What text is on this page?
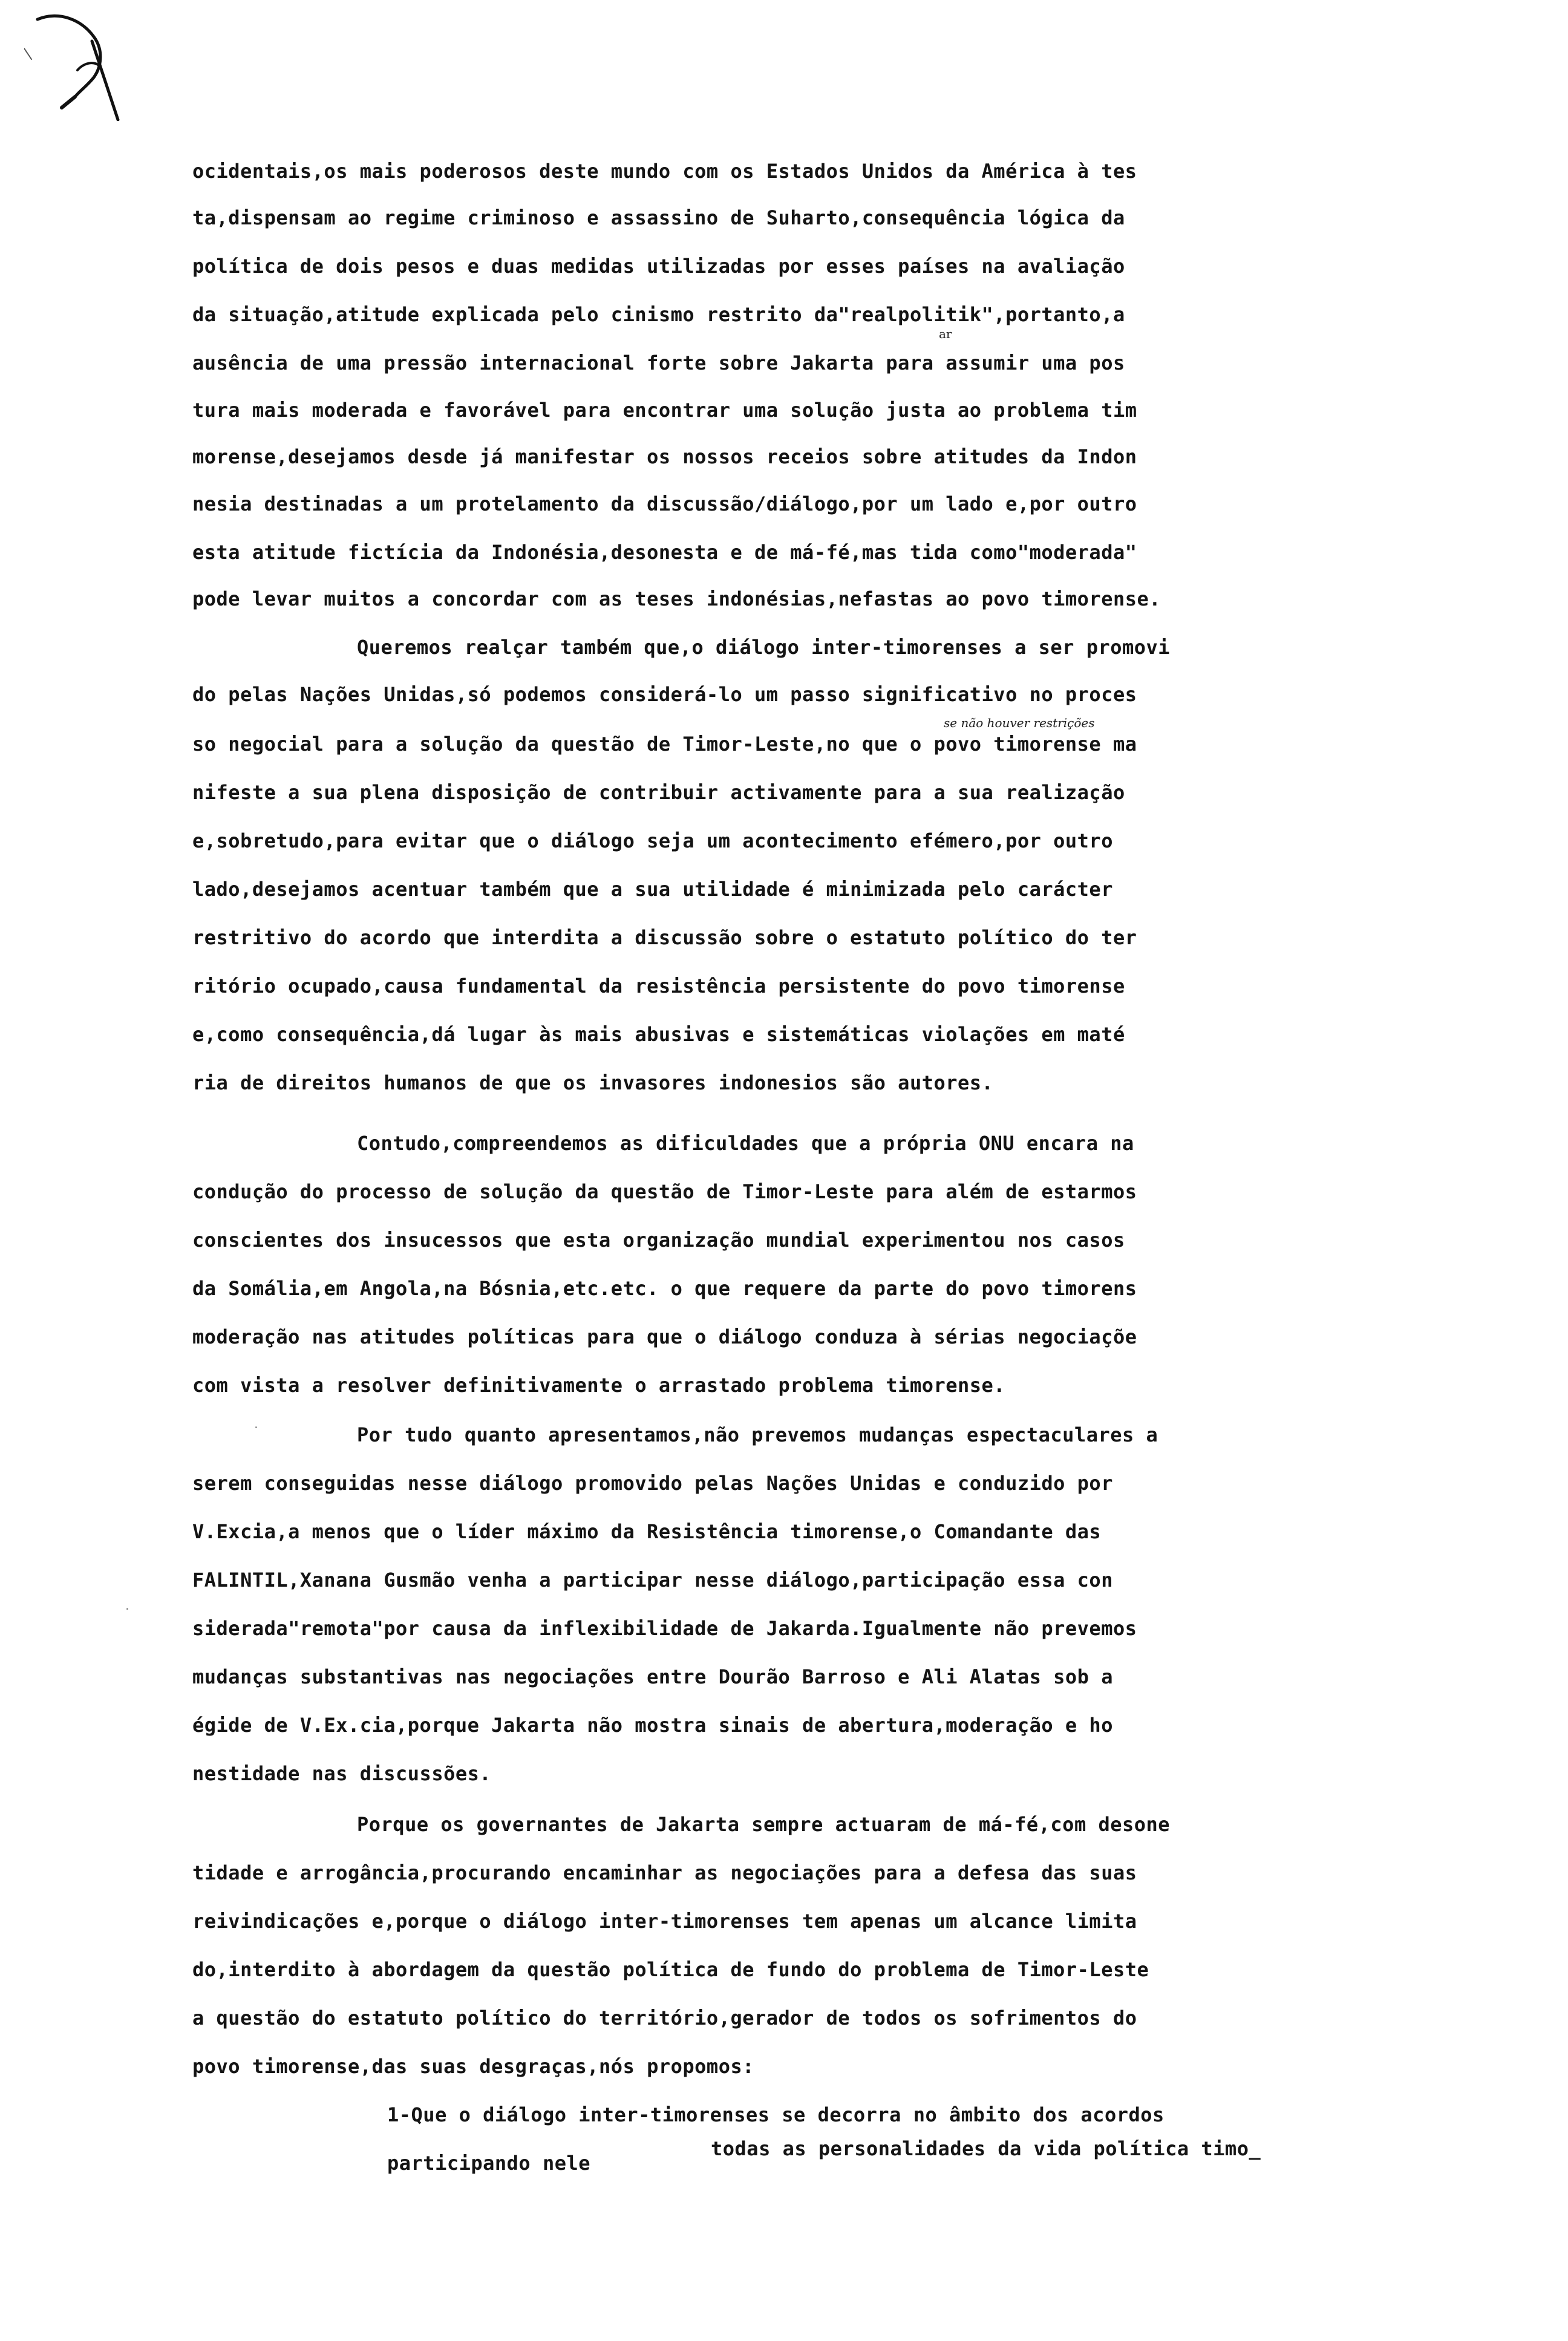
ocidentais,os mais poderosos deste mundo com os Estados Unidos da América à tes
ta,dispensam ao regime criminoso e assassino de Suharto,consequência lógica da
política de dois pesos e duas medidas utilizadas por esses países na avaliação
da situação,atitude explicada pelo cinismo restrito da"realpolitik",portanto,a
ar
ausência de uma pressão internacional forte sobre Jakarta para assumir uma pos
tura mais moderada e favorável para encontrar uma solução justa ao problema tim
morense,desejamos desde já manifestar os nossos receios sobre atitudes da Indon
nesia destinadas a um protelamento da discussão/diálogo,por um lado e,por outro
esta atitude fictícia da Indonésia,desonesta e de má-fé,mas tida como"moderada"
pode levar muitos a concordar com as teses indonésias,nefastas ao povo timorense.
Queremos realçar também que,o diálogo inter-timorenses a ser promovi
do pelas Nações Unidas,só podemos considerá-lo um passo significativo no proces
se não houver restrições
so negocial para a solução da questão de Timor-Leste,no que o povo timorense ma
nifeste a sua plena disposição de contribuir activamente para a sua realização
e,sobretudo,para evitar que o diálogo seja um acontecimento efémero,por outro
lado,desejamos acentuar também que a sua utilidade é minimizada pelo carácter
restritivo do acordo que interdita a discussão sobre o estatuto político do ter
ritório ocupado,causa fundamental da resistência persistente do povo timorense
e,como consequência,dá lugar às mais abusivas e sistemáticas violações em maté
ria de direitos humanos de que os invasores indonesios são autores.
Contudo,compreendemos as dificuldades que a própria ONU encara na
condução do processo de solução da questão de Timor-Leste para além de estarmos
conscientes dos insucessos que esta organização mundial experimentou nos casos
da Somália,em Angola,na Bósnia,etc.etc. o que requere da parte do povo timorens
moderação nas atitudes políticas para que o diálogo conduza à sérias negociaçõe
com vista a resolver definitivamente o arrastado problema timorense.
·	Por tudo quanto apresentamos,não prevemos mudanças espectaculares a
serem conseguidas nesse diálogo promovido pelas Nações Unidas e conduzido por
V.Excia,a menos que o líder máximo da Resistência timorense,o Comandante das
FALINTIL,Xanana Gusmão venha a participar nesse diálogo,participação essa con
·
siderada"remota"por causa da inflexibilidade de Jakarda.Igualmente não prevemos
mudanças substantivas nas negociações entre Dourão Barroso e Ali Alatas sob a
égide de V.Ex.cia,porque Jakarta não mostra sinais de abertura,moderação e ho
nestidade nas discussões.
Porque os governantes de Jakarta sempre actuaram de má-fé,com desone
tidade e arrogância,procurando encaminhar as negociações para a defesa das suas
reivindicações e,porque o diálogo inter-timorenses tem apenas um alcance limita
do,interdito à abordagem da questão política de fundo do problema de Timor-Leste
a questão do estatuto político do território,gerador de todos os sofrimentos do
povo timorense,das suas desgraças,nós propomos:
1-Que o diálogo inter-timorenses se decorra no âmbito dos acordos
participando nele
todas as personalidades da vida política timo_
